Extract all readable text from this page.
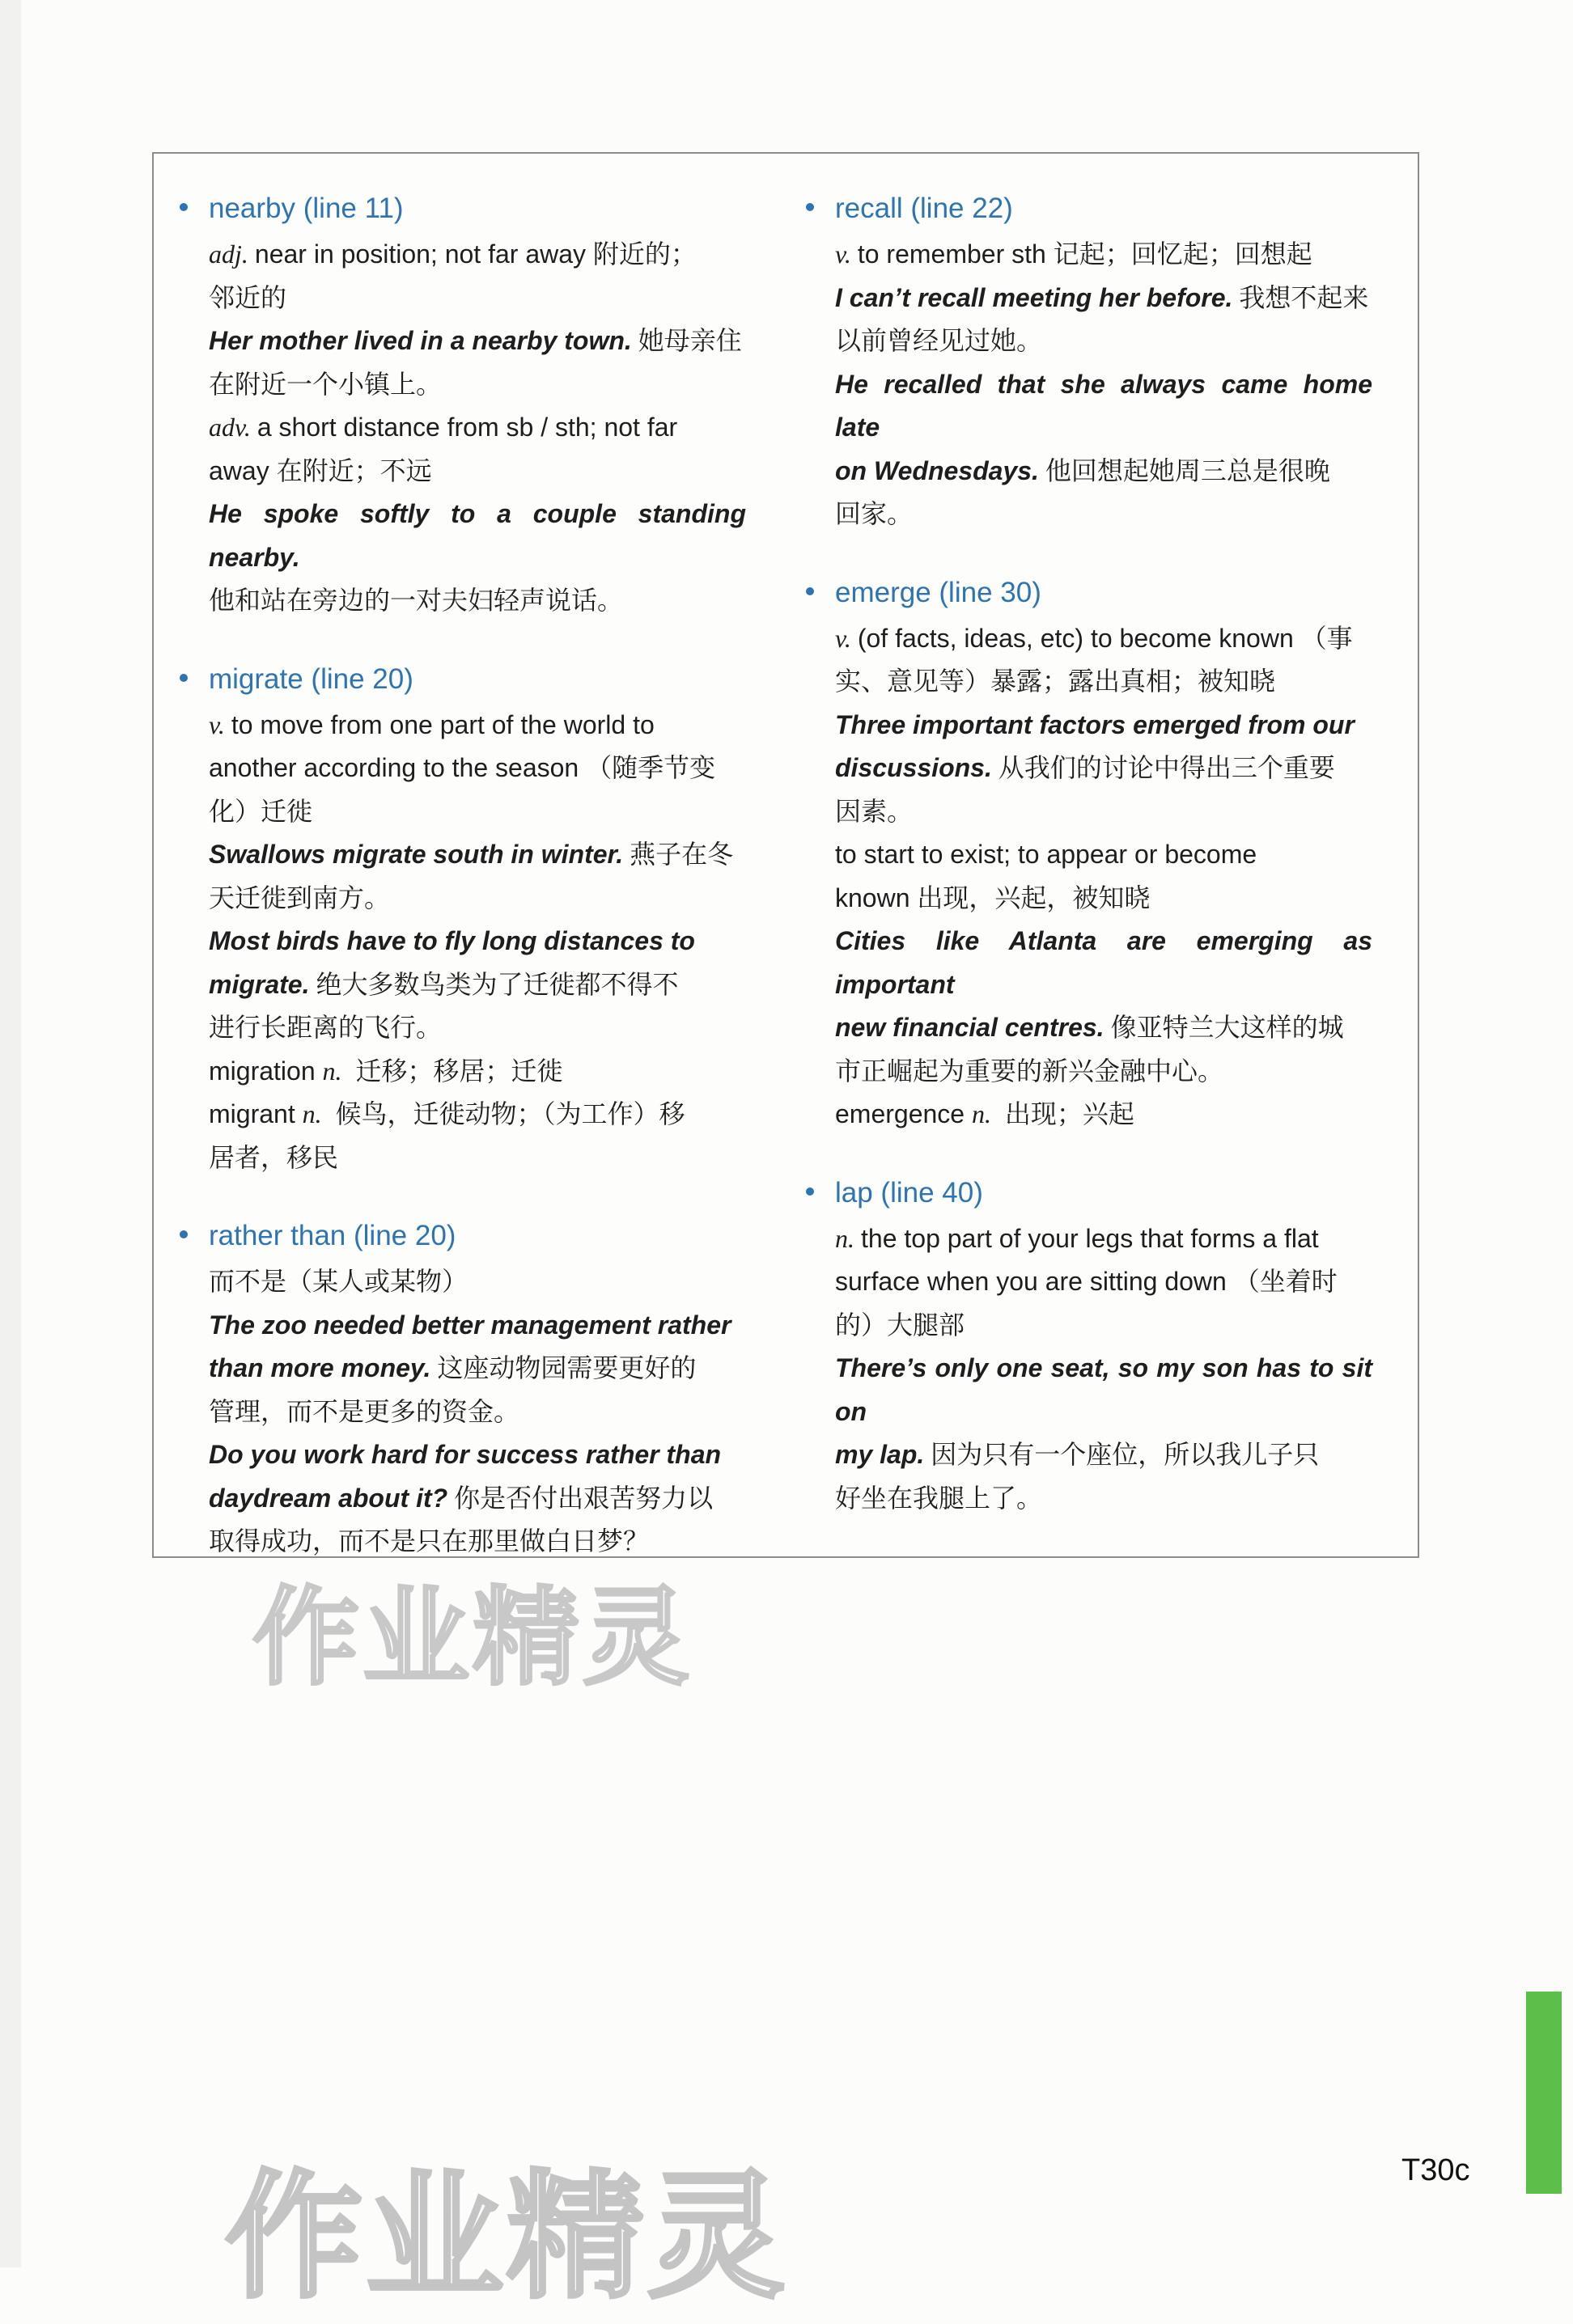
nearby (line 11)

adj. near in position; not far away 附近的；

邻近的

Her mother lived in a nearby town. 她母亲住

在附近一个小镇上。

adv. a short distance from sb / sth; not far

away 在附近；不远

He spoke softly to a couple standing nearby.

他和站在旁边的一对夫妇轻声说话。

migrate (line 20)

v. to move from one part of the world to

another according to the season （随季节变

化）迁徙

Swallows migrate south in winter. 燕子在冬

天迁徙到南方。

Most birds have to fly long distances to

migrate. 绝大多数鸟类为了迁徙都不得不

进行长距离的飞行。

migration n. 迁移；移居；迁徙

migrant n. 候鸟，迁徙动物；（为工作）移

居者，移民

rather than (line 20)

而不是（某人或某物）

The zoo needed better management rather

than more money. 这座动物园需要更好的

管理，而不是更多的资金。

Do you work hard for success rather than

daydream about it? 你是否付出艰苦努力以

取得成功，而不是只在那里做白日梦？

recall (line 22)

v. to remember sth 记起；回忆起；回想起

I can’t recall meeting her before. 我想不起来

以前曾经见过她。

He recalled that she always came home late

on Wednesdays. 他回想起她周三总是很晚

回家。

emerge (line 30)

v. (of facts, ideas, etc) to become known （事

实、意见等）暴露；露出真相；被知晓

Three important factors emerged from our

discussions. 从我们的讨论中得出三个重要

因素。

to start to exist; to appear or become

known 出现，兴起，被知晓

Cities like Atlanta are emerging as important

new financial centres. 像亚特兰大这样的城

市正崛起为重要的新兴金融中心。

emergence n. 出现；兴起

lap (line 40)

n. the top part of your legs that forms a flat

surface when you are sitting down （坐着时

的）大腿部

There’s only one seat, so my son has to sit on

my lap. 因为只有一个座位，所以我儿子只

好坐在我腿上了。

作业精灵
作业精灵	T30c
